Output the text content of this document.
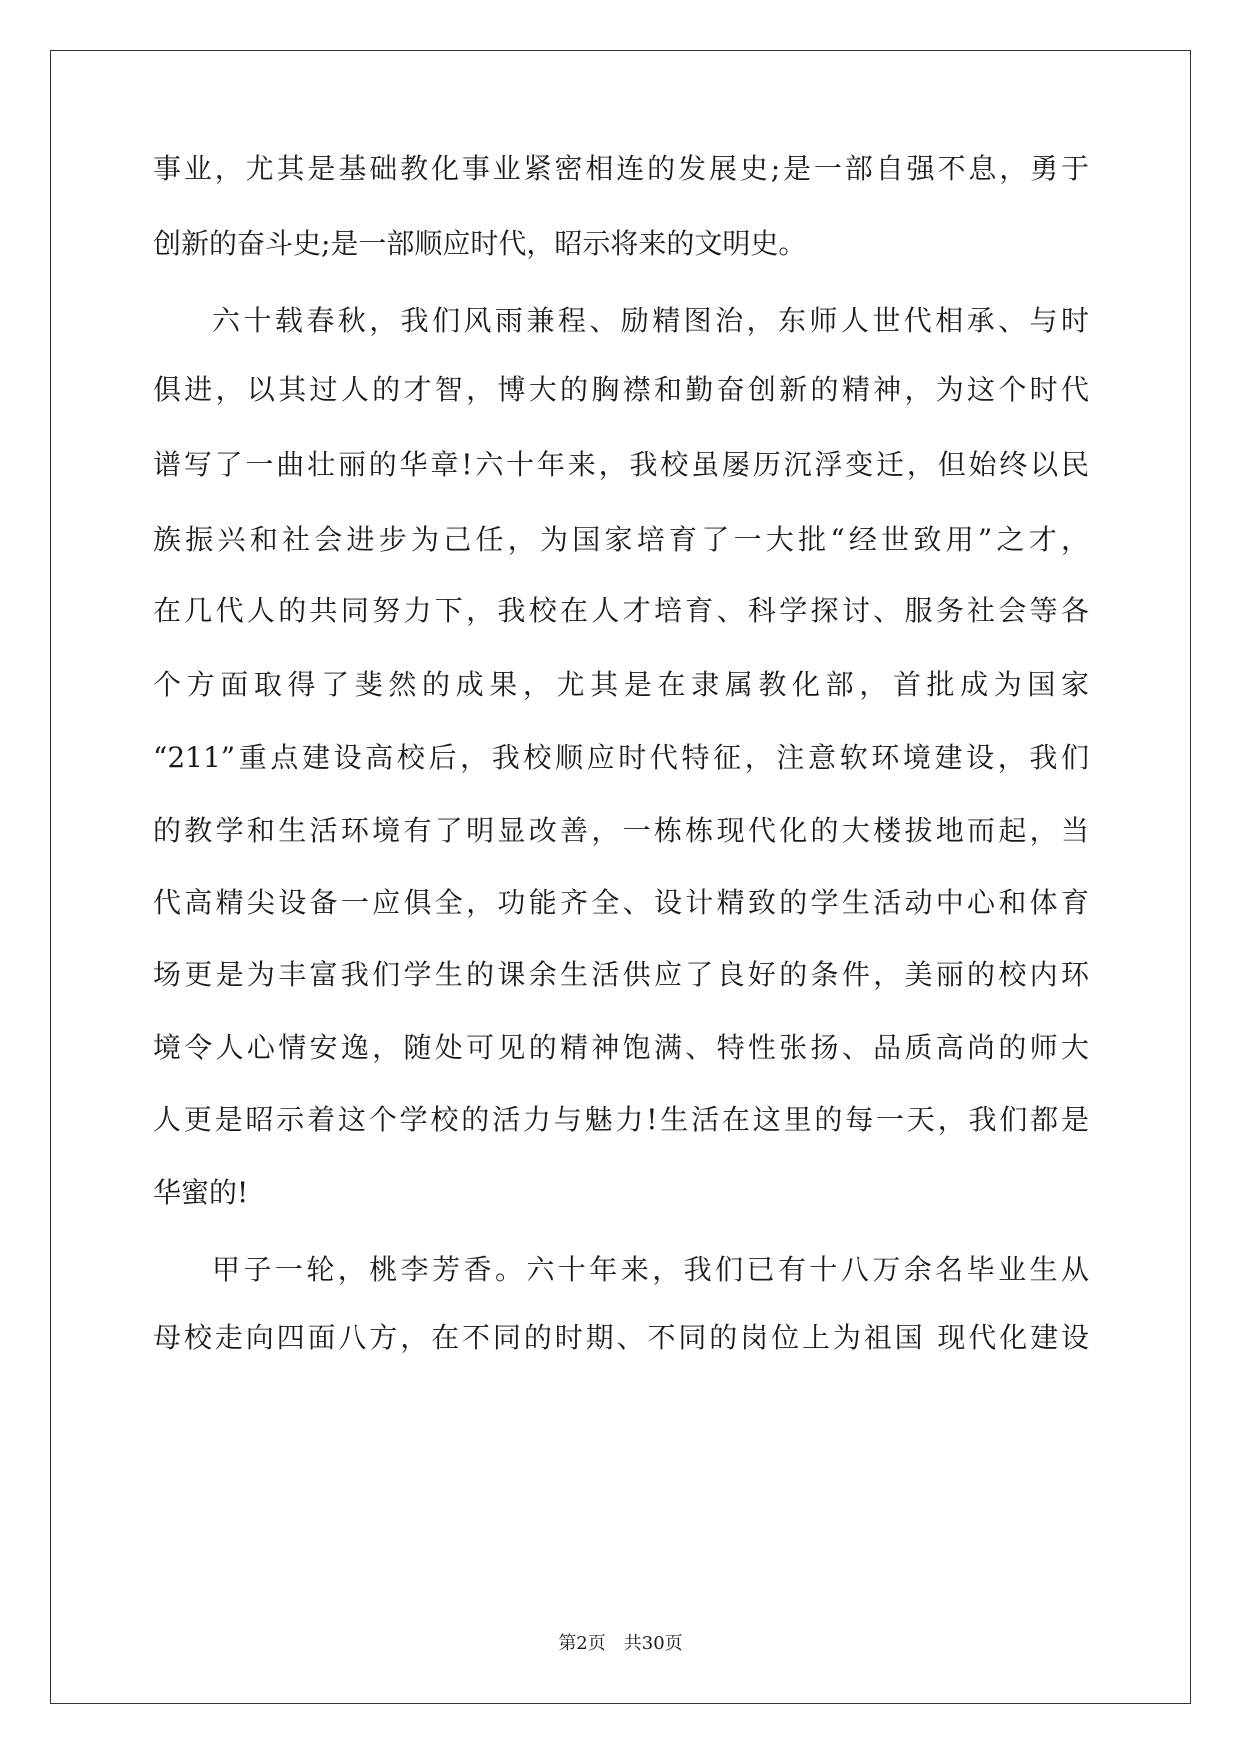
事业，尤其是基础教化事业紧密相连的发展史;是一部自强不息，勇于
创新的奋斗史;是一部顺应时代，昭示将来的文明史。
六十载春秋，我们风雨兼程、励精图治，东师人世代相承、与时
俱进，以其过人的才智，博大的胸襟和勤奋创新的精神，为这个时代
谱写了一曲壮丽的华章!六十年来，我校虽屡历沉浮变迁，但始终以民
族振兴和社会进步为己任，为国家培育了一大批“经世致用”之才，
在几代人的共同努力下，我校在人才培育、科学探讨、服务社会等各
个方面取得了斐然的成果，尤其是在隶属教化部，首批成为国家
“211”重点建设高校后，我校顺应时代特征，注意软环境建设，我们
的教学和生活环境有了明显改善，一栋栋现代化的大楼拔地而起，当
代高精尖设备一应俱全，功能齐全、设计精致的学生活动中心和体育
场更是为丰富我们学生的课余生活供应了良好的条件，美丽的校内环
境令人心情安逸，随处可见的精神饱满、特性张扬、品质高尚的师大
人更是昭示着这个学校的活力与魅力!生活在这里的每一天，我们都是
华蜜的!
甲子一轮，桃李芳香。六十年来，我们已有十八万余名毕业生从
母校走向四面八方，在不同的时期、不同的岗位上为祖国 现代化建设
第2页 共30页
